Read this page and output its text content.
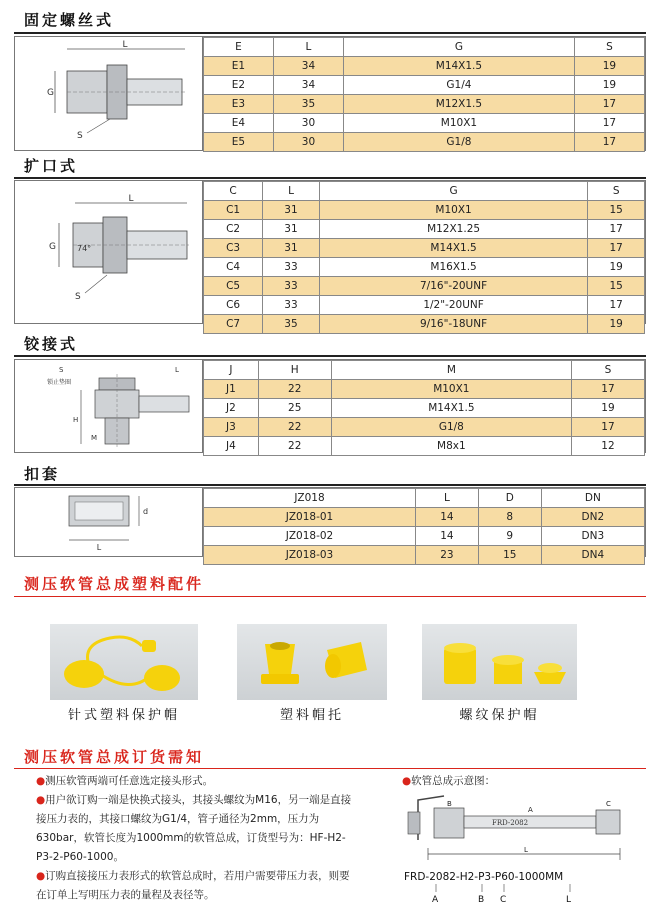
固定螺丝式
L
G
S
E	L	G	S
E1	34	M14X1.5	19
E2	34	G1/4	19
E3	35	M12X1.5	17
E4	30	M10X1	17
E5	30	G1/8	17
扩口式
L
74°
G
S
C	L	G	S
C1	31	M10X1	15
C2	31	M12X1.25	17
C3	31	M14X1.5	17
C4	33	M16X1.5	19
C5	33	7/16"-20UNF	15
C6	33	1/2"-20UNF	17
C7	35	9/16"-18UNF	19
铰接式
S
锁止垫圈
L
H
M
J	H	M	S
J1	22	M10X1	17
J2	25	M14X1.5	19
J3	22	G1/8	17
J4	22	M8x1	12
扣套
d
L
JZ018	L	D	DN
JZ018-01	14	8	DN2
JZ018-02	14	9	DN3
JZ018-03	23	15	DN4
测压软管总成塑料配件
针式塑料保护帽	塑料帽托	螺纹保护帽
测压软管总成订货需知
●测压软管两端可任意选定接头形式。
●用户欲订购一端是快换式接头，其接头螺纹为M16，另一端是直接接压力表的，其接口螺纹为G1/4，管子通径为2mm，压力为630bar，软管长度为1000mm的软管总成，订货型号为：HF-H2-P3-2-P60-1000。
●订购直接接压力表形式的软管总成时，若用户需要带压力表，则要在订单上写明压力表的量程及表径等。
●软管总成示意图：
B
FRD-2082
A
C
L
FRD-2082-H2-P3-P60-1000MM
A	B C	L
